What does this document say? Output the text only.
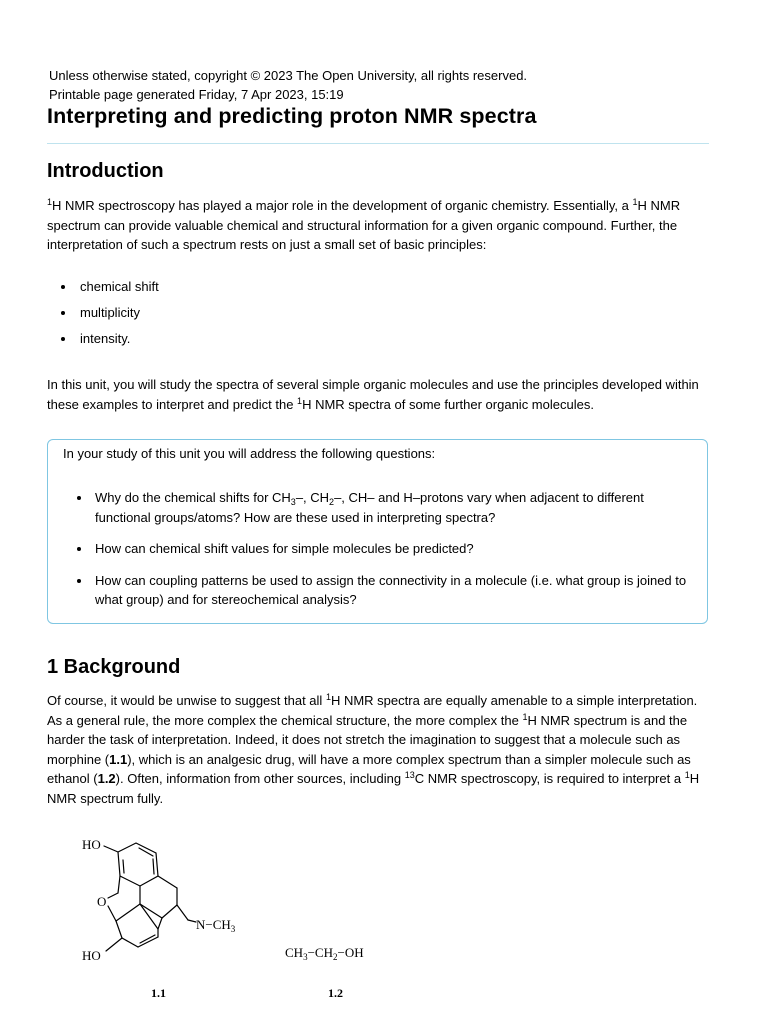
Unless otherwise stated, copyright © 2023 The Open University, all rights reserved.
Printable page generated Friday, 7 Apr 2023, 15:19
Interpreting and predicting proton NMR spectra
Introduction

$^1$H NMR spectroscopy has played a major role in the development of organic chemistry. Essentially, a $^1$H NMR spectrum can provide valuable chemical and structural information for a given organic compound. Further, the interpretation of such a spectrum rests on just a small set of basic principles:

chemical shift
multiplicity
intensity.

In this unit, you will study the spectra of several simple organic molecules and use the principles developed within these examples to interpret and predict the $^1$H NMR spectra of some further organic molecules.

In your study of this unit you will address the following questions:
Why do the chemical shifts for $CH_3-$, $CH_2-$, CH– and H–protons vary when adjacent to different functional groups/atoms? How are these used in interpreting spectra?
How can chemical shift values for simple molecules be predicted?
How can coupling patterns be used to assign the connectivity in a molecule (i.e. what group is joined to what group) and for stereochemical analysis?
1 Background

Of course, it would be unwise to suggest that all $^1$H NMR spectra are equally amenable to a simple interpretation. As a general rule, the more complex the chemical structure, the more complex the $^1$H NMR spectrum is and the harder the task of interpretation. Indeed, it does not stretch the imagination to suggest that a molecule such as morphine (1.1), which is an analgesic drug, will have a more complex spectrum than a simpler molecule such as ethanol (1.2). Often, information from other sources, including $^{13}$C NMR spectroscopy, is required to interpret a $^1$H NMR spectrum fully.

HO
O
$N-CH_3$
HO
1.1
$CH_3-CH_2-OH$
1.2
